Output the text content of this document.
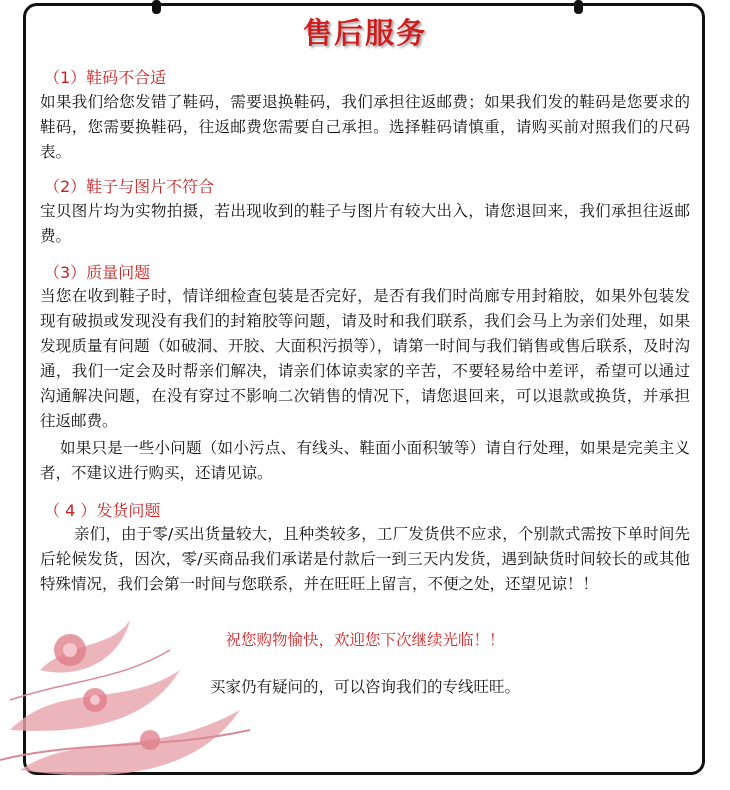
售后服务
（1）鞋码不合适
如果我们给您发错了鞋码，需要退换鞋码，我们承担往返邮费；如果我们发的鞋码是您要求的鞋码，您需要换鞋码，往返邮费您需要自己承担。选择鞋码请慎重，请购买前对照我们的尺码表。
（2）鞋子与图片不符合
宝贝图片均为实物拍摄，若出现收到的鞋子与图片有较大出入，请您退回来，我们承担往返邮费。
（3）质量问题
当您在收到鞋子时，情详细检查包装是否完好，是否有我们时尚廊专用封箱胶，如果外包装发现有破损或发现没有我们的封箱胶等问题，请及时和我们联系，我们会马上为亲们处理，如果发现质量有问题（如破洞、开胶、大面积污损等），请第一时间与我们销售或售后联系，及时沟通，我们一定会及时帮亲们解决，请亲们体谅卖家的辛苦，不要轻易给中差评，希望可以通过沟通解决问题，在没有穿过不影响二次销售的情况下，请您退回来，可以退款或换货，并承担往返邮费。
如果只是一些小问题（如小污点、有线头、鞋面小面积皱等）请自行处理，如果是完美主义者，不建议进行购买，还请见谅。
（ 4 ）发货问题
亲们，由于零/买出货量较大，且种类较多，工厂发货供不应求，个别款式需按下单时间先后轮候发货，因次，零/买商品我们承诺是付款后一到三天内发货，遇到缺货时间较长的或其他特殊情况，我们会第一时间与您联系，并在旺旺上留言，不便之处，还望见谅！！
祝您购物愉快，欢迎您下次继续光临！！
买家仍有疑问的，可以咨询我们的专线旺旺。
